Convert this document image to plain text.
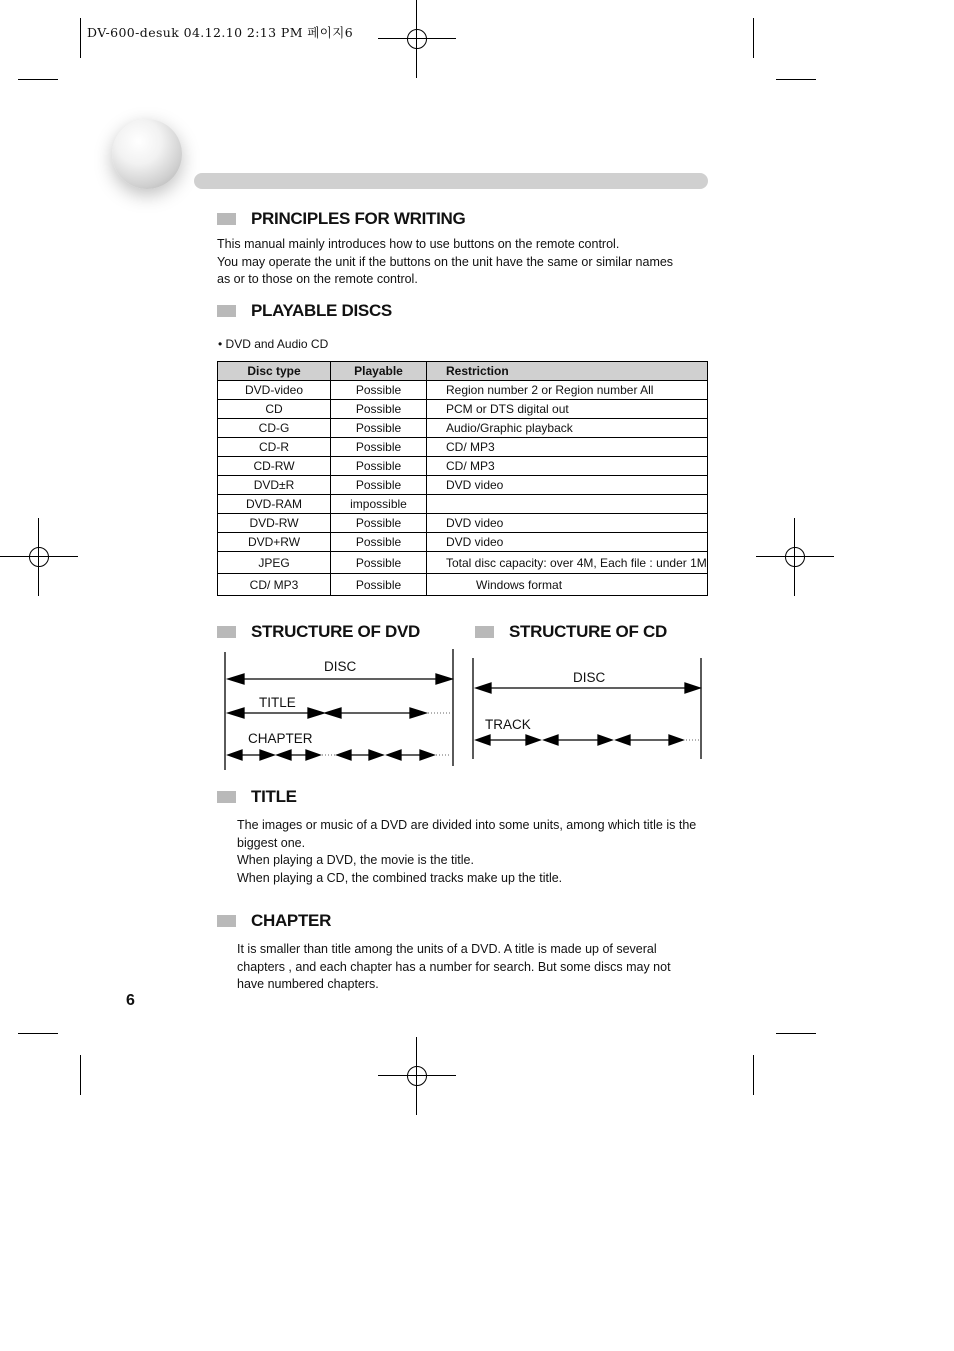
DV-600-desuk 04.12.10 2:13 PM 페이지6
PRINCIPLES FOR WRITING
This manual mainly introduces how to use buttons on the remote control.
You may operate the unit if the buttons on the unit have the same or similar names
as or to those on the remote control.
PLAYABLE DISCS
• DVD and Audio CD
Disc type	Playable	Restriction
DVD-video	Possible	Region number 2 or Region number All
CD	Possible	PCM or DTS digital out
CD-G	Possible	Audio/Graphic playback
CD-R	Possible	CD/ MP3
CD-RW	Possible	CD/ MP3
DVD±R	Possible	DVD video
DVD-RAM	impossible	
DVD-RW	Possible	DVD video
DVD+RW	Possible	DVD video
JPEG	Possible	Total disc capacity: over 4M, Each file : under 1M
CD/ MP3	Possible	Windows format
STRUCTURE OF DVD
DISC
TITLE
CHAPTER
STRUCTURE OF CD
DISC
TRACK
TITLE
The images or music of a DVD are divided into some units, among which title is the
biggest one.
When playing a DVD, the movie is the title.
When playing a CD, the combined tracks make up the title.
CHAPTER
It is smaller than title among the units of a DVD. A title is made up of several
chapters , and each chapter has a number for search. But some discs may not
have numbered chapters.
6
